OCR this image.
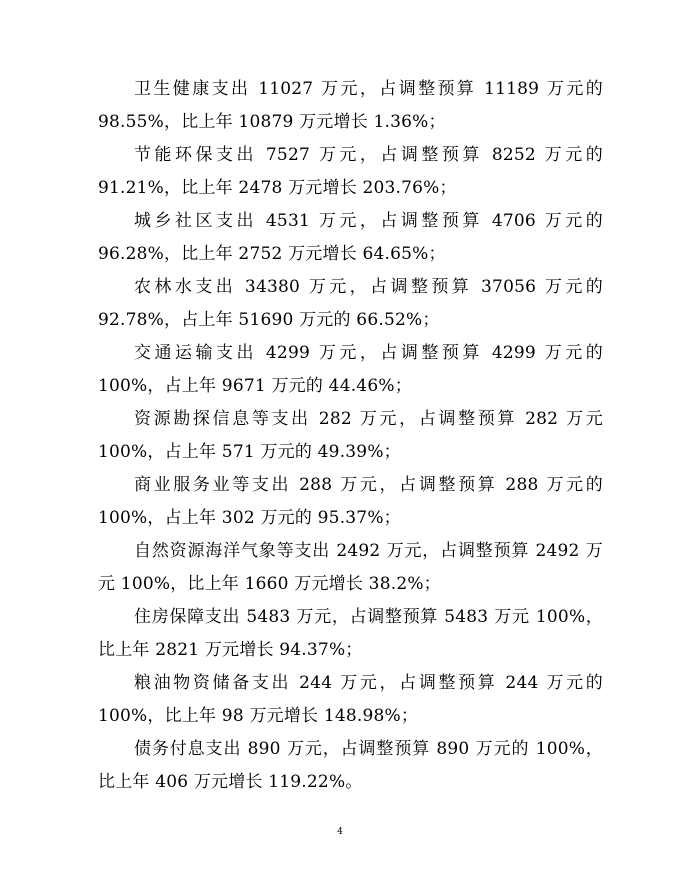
卫生健康支出 11027 万元，占调整预算 11189 万元的 98.55%，比上年 10879 万元增长 1.36%；

节能环保支出 7527 万元，占调整预算 8252 万元的 91.21%，比上年 2478 万元增长 203.76%；

城乡社区支出 4531 万元，占调整预算 4706 万元的 96.28%，比上年 2752 万元增长 64.65%；

农林水支出 34380 万元，占调整预算 37056 万元的 92.78%，占上年 51690 万元的 66.52%；

交通运输支出 4299 万元，占调整预算 4299 万元的 100%，占上年 9671 万元的 44.46%；

资源勘探信息等支出 282 万元，占调整预算 282 万元 100%，占上年 571 万元的 49.39%；

商业服务业等支出 288 万元，占调整预算 288 万元的 100%，占上年 302 万元的 95.37%；

自然资源海洋气象等支出 2492 万元，占调整预算 2492 万元 100%，比上年 1660 万元增长 38.2%；

住房保障支出 5483 万元，占调整预算 5483 万元 100%，比上年 2821 万元增长 94.37%；

粮油物资储备支出 244 万元，占调整预算 244 万元的 100%，比上年 98 万元增长 148.98%；

债务付息支出 890 万元，占调整预算 890 万元的 100%，比上年 406 万元增长 119.22%。

4
